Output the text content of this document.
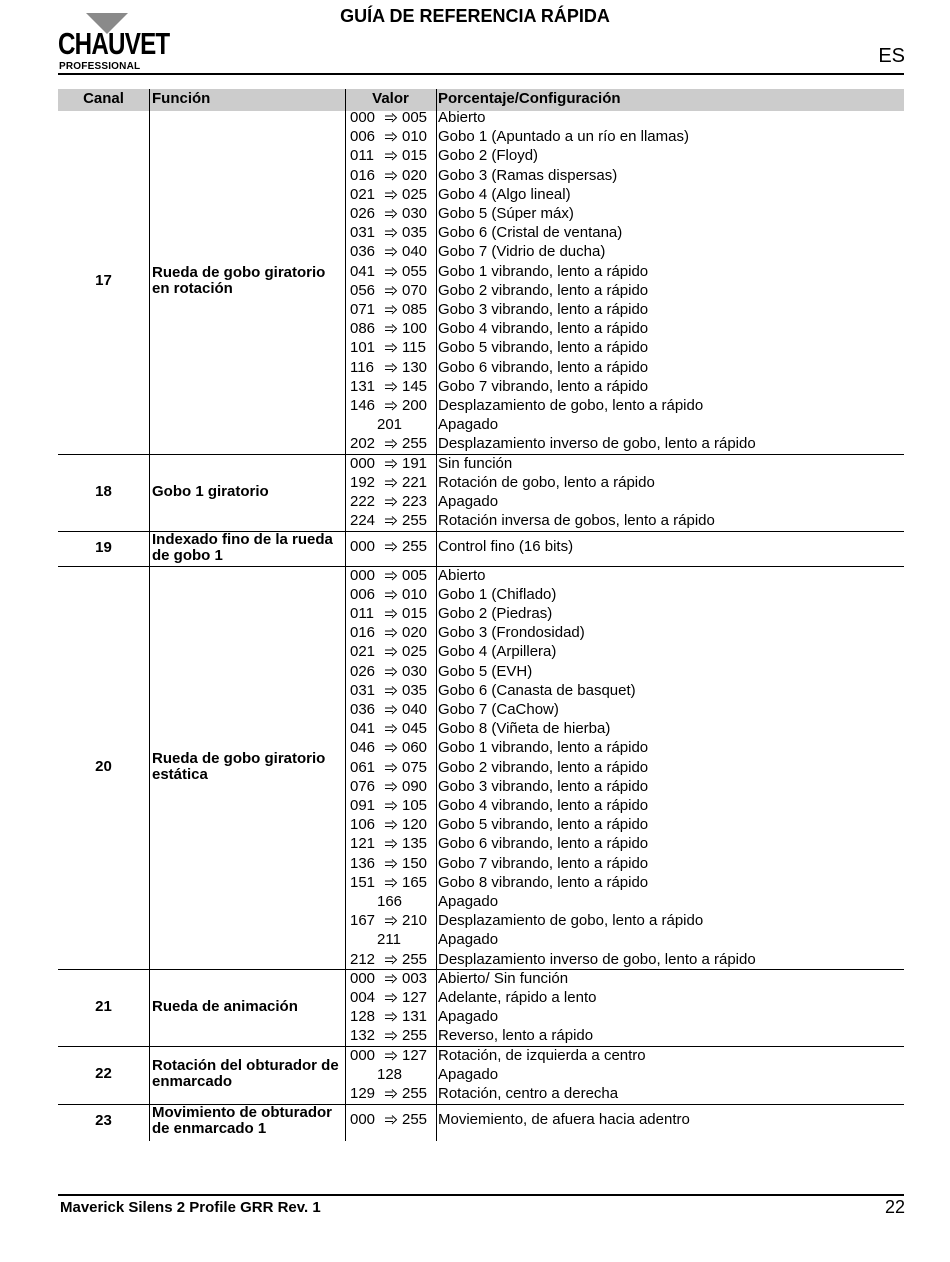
CHAUVET
PROFESSIONAL
GUÍA DE REFERENCIA RÁPIDA
ES
Canal	Función	Valor	Porcentaje/Configuración
17	Rueda de gobo giratorio en rotación
000	005 Abierto
006	010 Gobo 1 (Apuntado a un río en llamas)
011	015 Gobo 2 (Floyd)
016	020 Gobo 3 (Ramas dispersas)
021	025 Gobo 4 (Algo lineal)
026	030 Gobo 5 (Súper máx)
031	035 Gobo 6 (Cristal de ventana)
036	040 Gobo 7 (Vidrio de ducha)
041	055 Gobo 1 vibrando, lento a rápido
056	070 Gobo 2 vibrando, lento a rápido
071	085 Gobo 3 vibrando, lento a rápido
086	100 Gobo 4 vibrando, lento a rápido
101	115 Gobo 5 vibrando, lento a rápido
116	130 Gobo 6 vibrando, lento a rápido
131	145 Gobo 7 vibrando, lento a rápido
146	200 Desplazamiento de gobo, lento a rápido
201	Apagado
202	255 Desplazamiento inverso de gobo, lento a rápido
18	Gobo 1 giratorio
000	191 Sin función
192	221 Rotación de gobo, lento a rápido
222	223 Apagado
224	255 Rotación inversa de gobos, lento a rápido
19	Indexado fino de la rueda de gobo 1
000	255 Control fino (16 bits)
20	Rueda de gobo giratorio estática
000	005 Abierto
006	010 Gobo 1 (Chiflado)
011	015 Gobo 2 (Piedras)
016	020 Gobo 3 (Frondosidad)
021	025 Gobo 4 (Arpillera)
026	030 Gobo 5 (EVH)
031	035 Gobo 6 (Canasta de basquet)
036	040 Gobo 7 (CaChow)
041	045 Gobo 8 (Viñeta de hierba)
046	060 Gobo 1 vibrando, lento a rápido
061	075 Gobo 2 vibrando, lento a rápido
076	090 Gobo 3 vibrando, lento a rápido
091	105 Gobo 4 vibrando, lento a rápido
106	120 Gobo 5 vibrando, lento a rápido
121	135 Gobo 6 vibrando, lento a rápido
136	150 Gobo 7 vibrando, lento a rápido
151	165 Gobo 8 vibrando, lento a rápido
166	Apagado
167	210 Desplazamiento de gobo, lento a rápido
211	Apagado
212	255 Desplazamiento inverso de gobo, lento a rápido
21	Rueda de animación
000	003 Abierto/ Sin función
004	127 Adelante, rápido a lento
128	131 Apagado
132	255 Reverso, lento a rápido
22	Rotación del obturador de enmarcado
000	127 Rotación, de izquierda a centro
128	Apagado
129	255 Rotación, centro a derecha
23	Movimiento de obturador de enmarcado 1
000	255 Moviemiento, de afuera hacia adentro
Maverick Silens 2 Profile GRR Rev. 1	22
